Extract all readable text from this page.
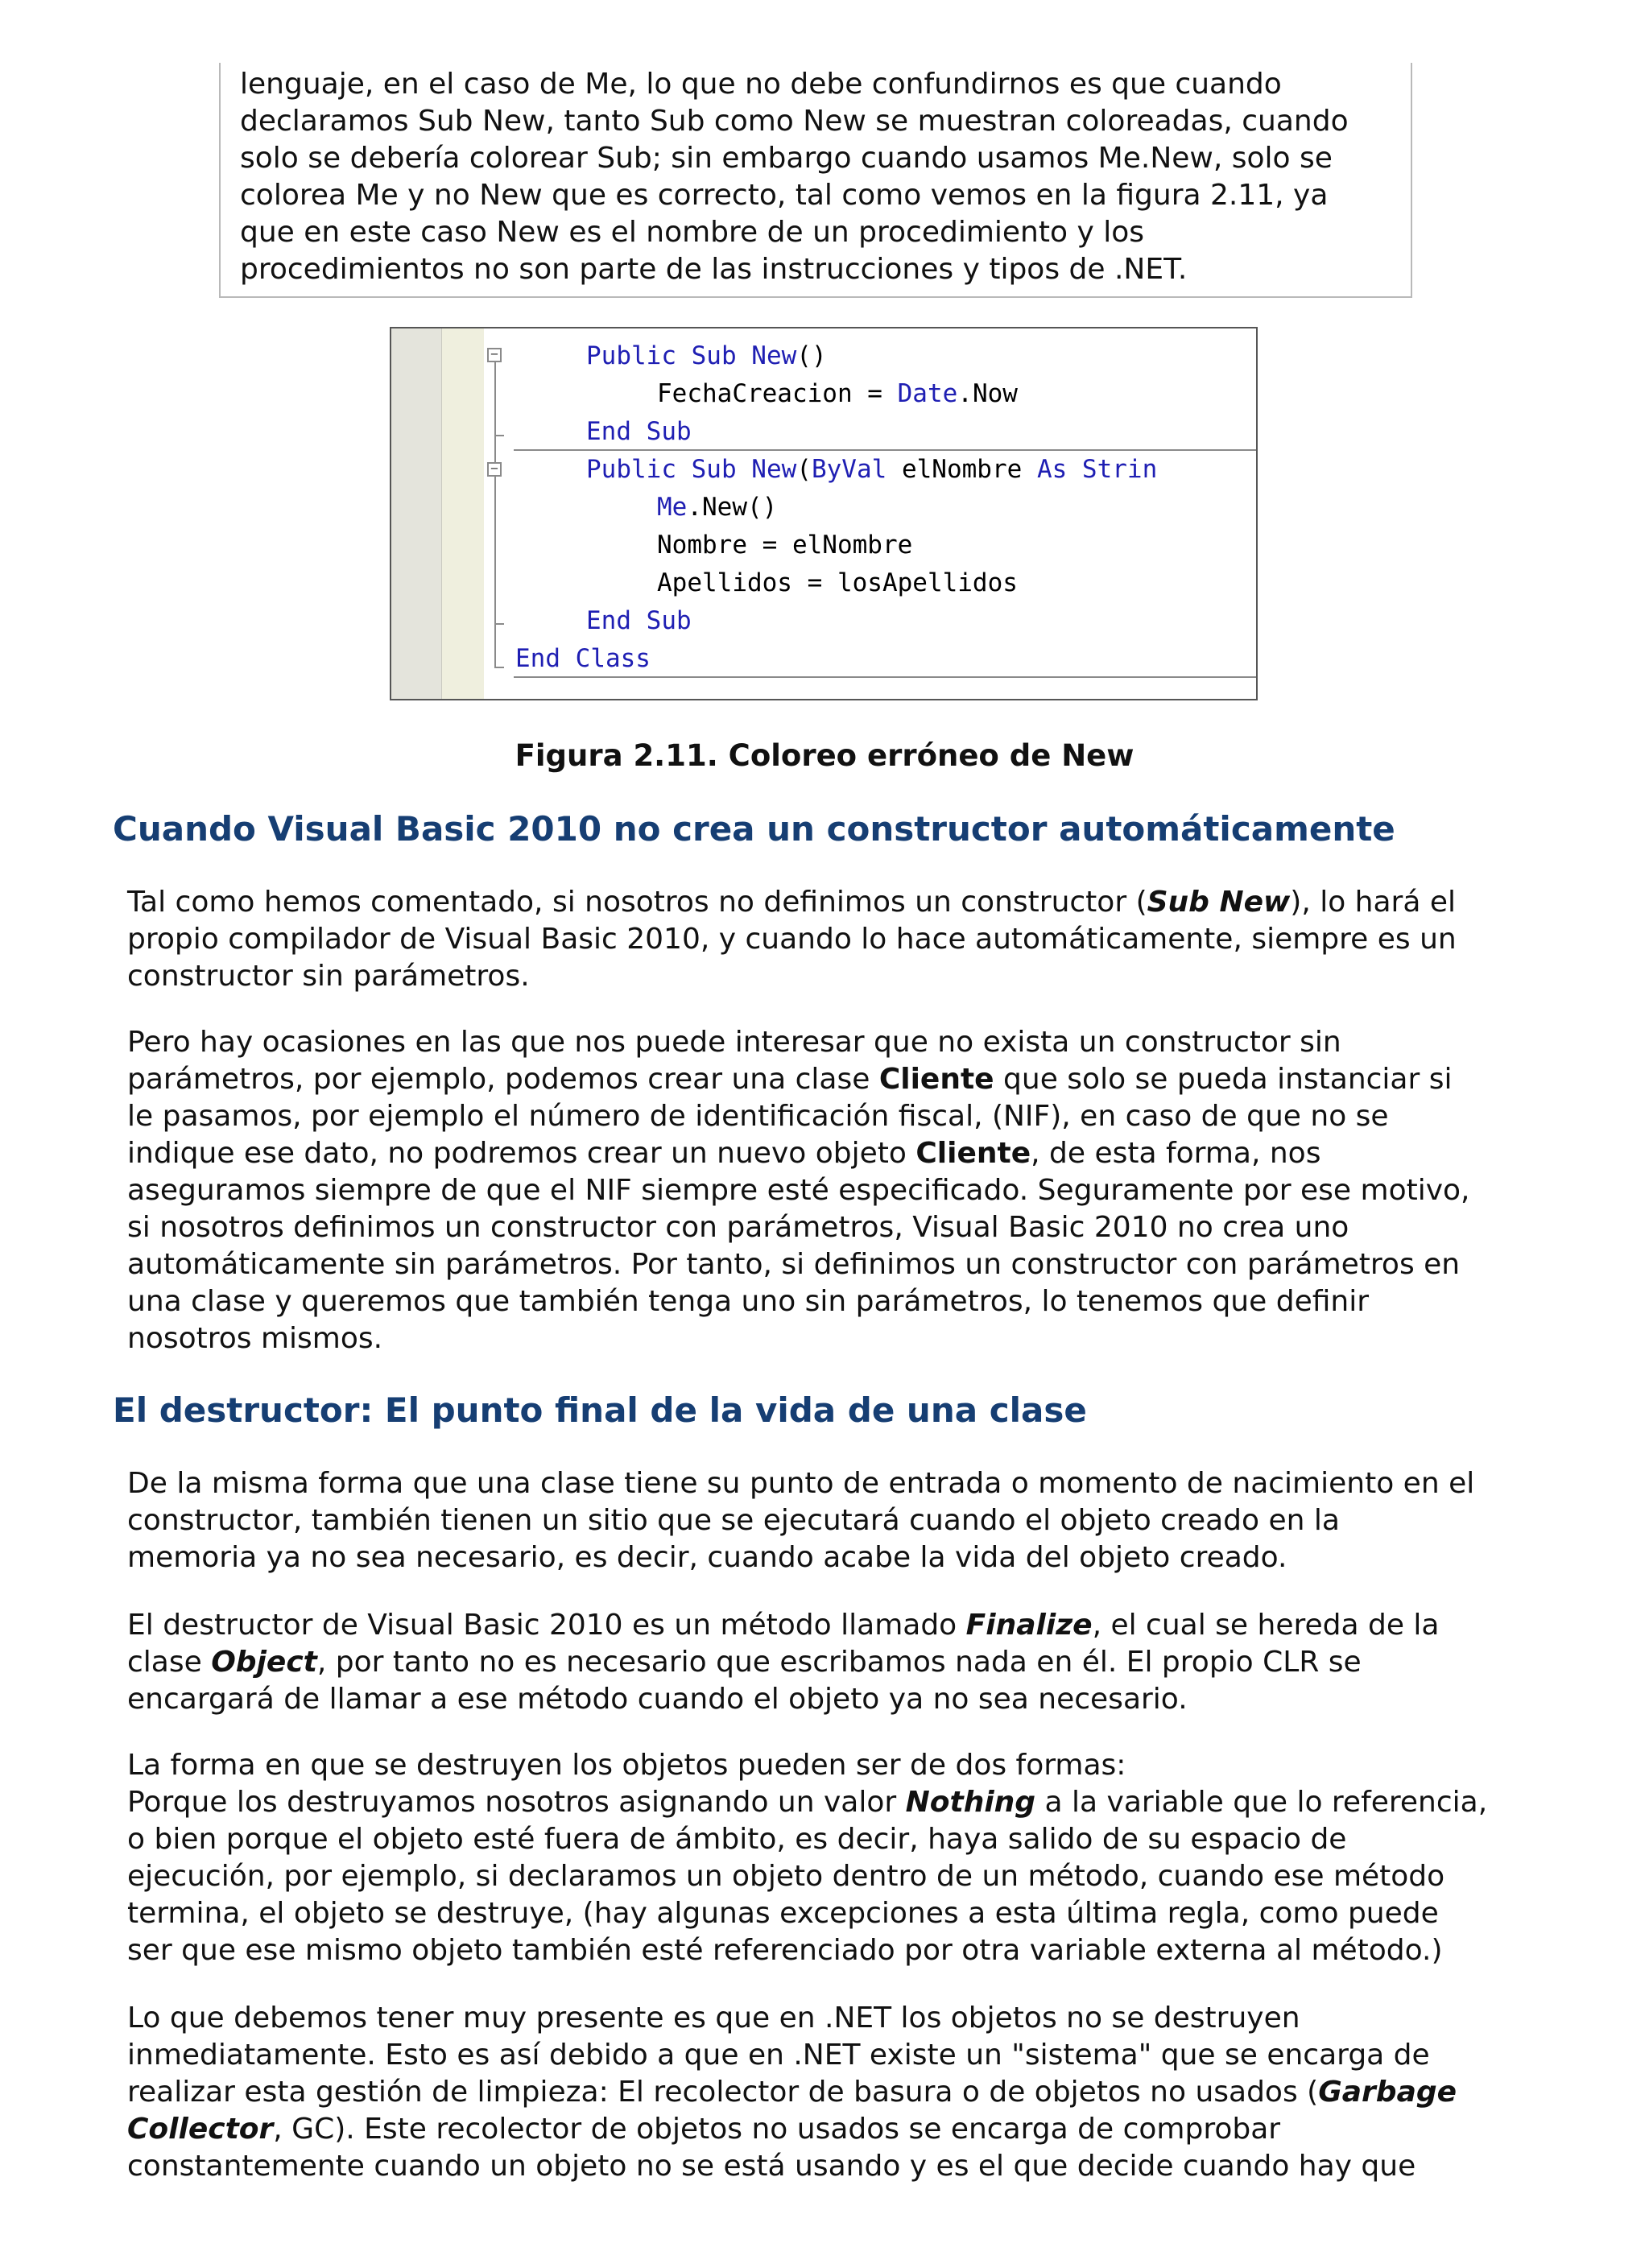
lenguaje, en el caso de Me, lo que no debe confundirnos es que cuando

declaramos Sub New, tanto Sub como New se muestran coloreadas, cuando

solo se debería colorear Sub; sin embargo cuando usamos Me.New, solo se

colorea Me y no New que es correcto, tal como vemos en la figura 2.11, ya

que en este caso New es el nombre de un procedimiento y los

procedimientos no son parte de las instrucciones y tipos de .NET.

−
−
Public Sub New()
FechaCreacion = Date.Now
End Sub
Public Sub New(ByVal elNombre As Strin
Me.New()
Nombre = elNombre
Apellidos = losApellidos
End Sub
End Class
Figura 2.11. Coloreo erróneo de New
Cuando Visual Basic 2010 no crea un constructor automáticamente

Tal como hemos comentado, si nosotros no definimos un constructor (Sub New), lo hará el

propio compilador de Visual Basic 2010, y cuando lo hace automáticamente, siempre es un

constructor sin parámetros.

Pero hay ocasiones en las que nos puede interesar que no exista un constructor sin

parámetros, por ejemplo, podemos crear una clase Cliente que solo se pueda instanciar si

le pasamos, por ejemplo el número de identificación fiscal, (NIF), en caso de que no se

indique ese dato, no podremos crear un nuevo objeto Cliente, de esta forma, nos

aseguramos siempre de que el NIF siempre esté especificado. Seguramente por ese motivo,

si nosotros definimos un constructor con parámetros, Visual Basic 2010 no crea uno

automáticamente sin parámetros. Por tanto, si definimos un constructor con parámetros en

una clase y queremos que también tenga uno sin parámetros, lo tenemos que definir

nosotros mismos.

El destructor: El punto final de la vida de una clase

De la misma forma que una clase tiene su punto de entrada o momento de nacimiento en el

constructor, también tienen un sitio que se ejecutará cuando el objeto creado en la

memoria ya no sea necesario, es decir, cuando acabe la vida del objeto creado.

El destructor de Visual Basic 2010 es un método llamado Finalize, el cual se hereda de la

clase Object, por tanto no es necesario que escribamos nada en él. El propio CLR se

encargará de llamar a ese método cuando el objeto ya no sea necesario.

La forma en que se destruyen los objetos pueden ser de dos formas:

Porque los destruyamos nosotros asignando un valor Nothing a la variable que lo referencia,

o bien porque el objeto esté fuera de ámbito, es decir, haya salido de su espacio de

ejecución, por ejemplo, si declaramos un objeto dentro de un método, cuando ese método

termina, el objeto se destruye, (hay algunas excepciones a esta última regla, como puede

ser que ese mismo objeto también esté referenciado por otra variable externa al método.)

Lo que debemos tener muy presente es que en .NET los objetos no se destruyen

inmediatamente. Esto es así debido a que en .NET existe un "sistema" que se encarga de

realizar esta gestión de limpieza: El recolector de basura o de objetos no usados (Garbage

Collector, GC). Este recolector de objetos no usados se encarga de comprobar

constantemente cuando un objeto no se está usando y es el que decide cuando hay que
